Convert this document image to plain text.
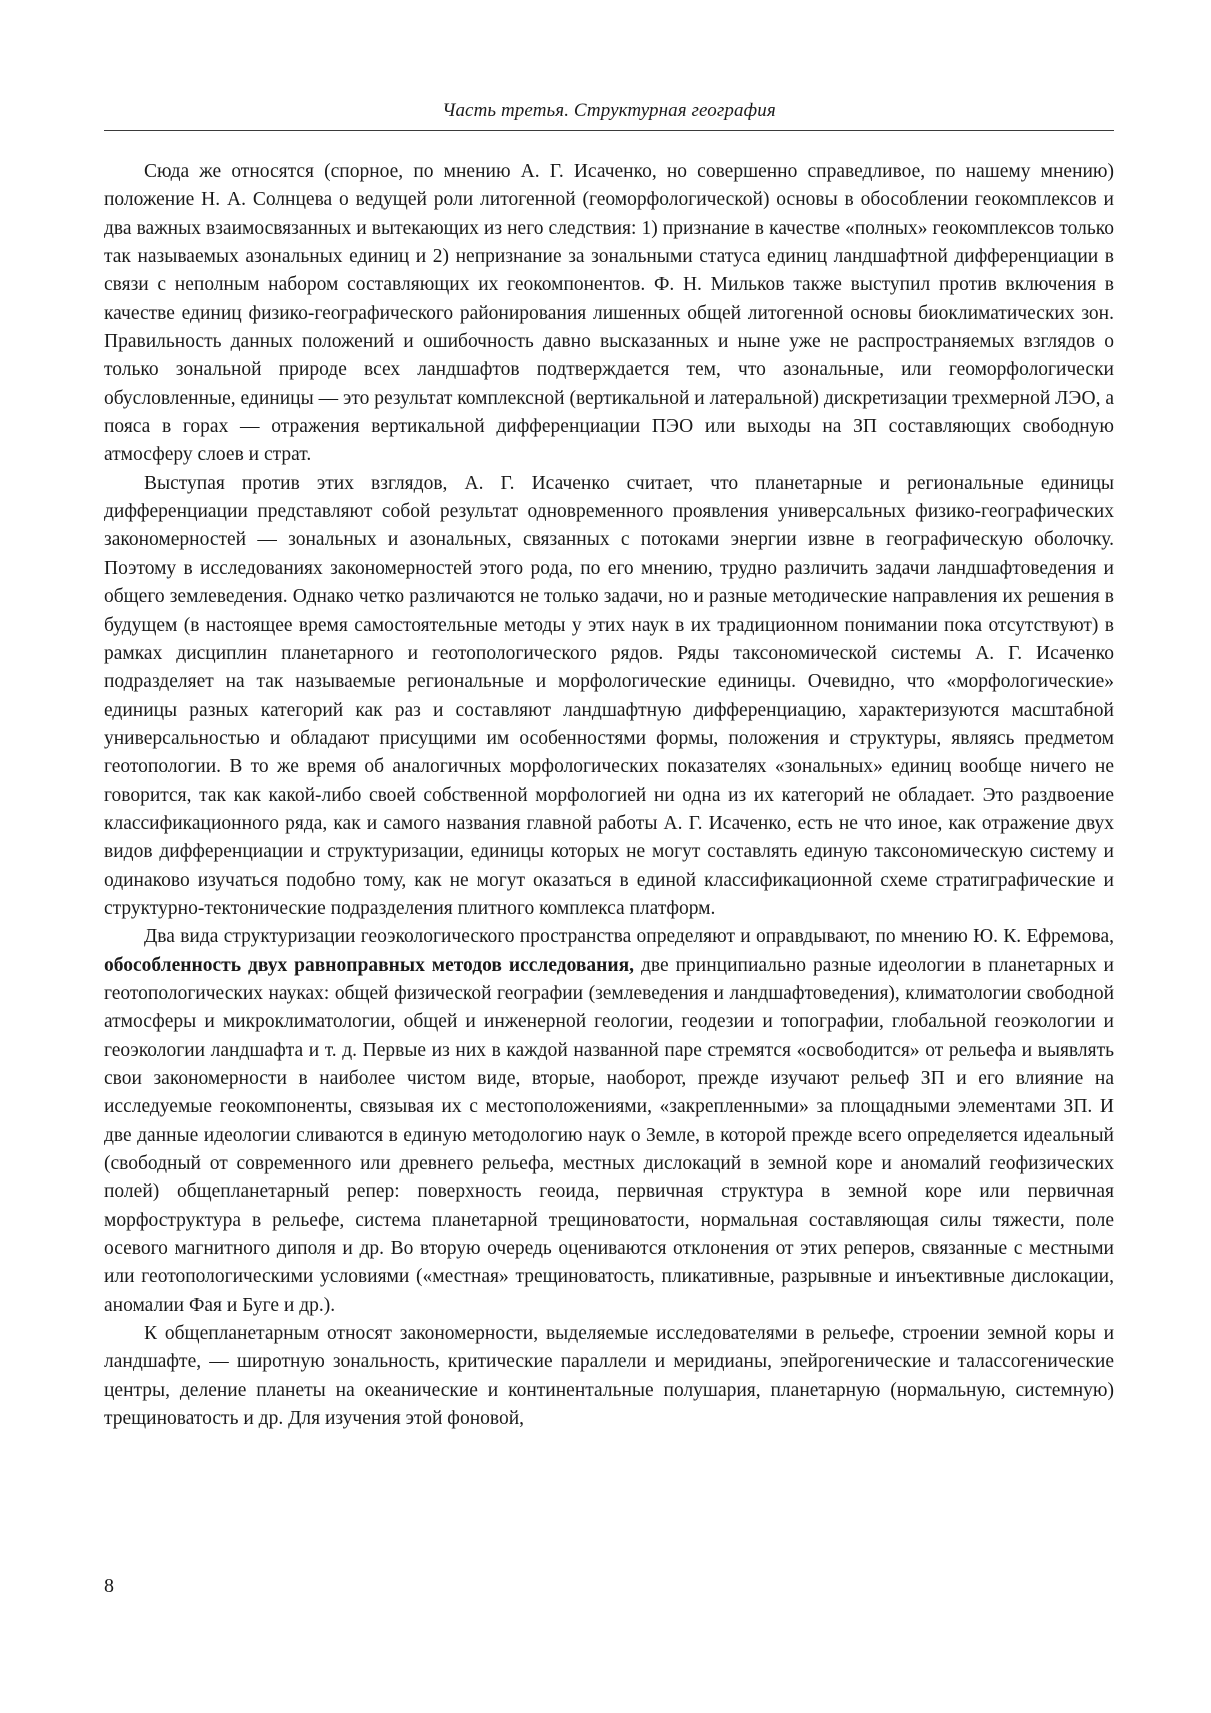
Часть третья. Структурная география

Сюда же относятся (спорное, по мнению А. Г. Исаченко, но совершенно справедливое, по нашему мнению) положение Н. А. Солнцева о ведущей роли литогенной (геоморфологической) основы в обособлении геокомплексов и два важных взаимосвязанных и вытекающих из него следствия: 1) признание в качестве «полных» геокомплексов только так называемых азональных единиц и 2) непризнание за зональными статуса единиц ландшафтной дифференциации в связи с неполным набором составляющих их геокомпонентов. Ф. Н. Мильков также выступил против включения в качестве единиц физико-географического районирования лишенных общей литогенной основы биоклиматических зон. Правильность данных положений и ошибочность давно высказанных и ныне уже не распространяемых взглядов о только зональной природе всех ландшафтов подтверждается тем, что азональные, или геоморфологически обусловленные, единицы — это результат комплексной (вертикальной и латеральной) дискретизации трехмерной ЛЭО, а пояса в горах — отражения вертикальной дифференциации ПЭО или выходы на ЗП составляющих свободную атмосферу слоев и страт.

Выступая против этих взглядов, А. Г. Исаченко считает, что планетарные и региональные единицы дифференциации представляют собой результат одновременного проявления универсальных физико-географических закономерностей — зональных и азональных, связанных с потоками энергии извне в географическую оболочку. Поэтому в исследованиях закономерностей этого рода, по его мнению, трудно различить задачи ландшафтоведения и общего землеведения. Однако четко различаются не только задачи, но и разные методические направления их решения в будущем (в настоящее время самостоятельные методы у этих наук в их традиционном понимании пока отсутствуют) в рамках дисциплин планетарного и геотопологического рядов. Ряды таксономической системы А. Г. Исаченко подразделяет на так называемые региональные и морфологические единицы. Очевидно, что «морфологические» единицы разных категорий как раз и составляют ландшафтную дифференциацию, характеризуются масштабной универсальностью и обладают присущими им особенностями формы, положения и структуры, являясь предметом геотопологии. В то же время об аналогичных морфологических показателях «зональных» единиц вообще ничего не говорится, так как какой-либо своей собственной морфологией ни одна из их категорий не обладает. Это раздвоение классификационного ряда, как и самого названия главной работы А. Г. Исаченко, есть не что иное, как отражение двух видов дифференциации и структуризации, единицы которых не могут составлять единую таксономическую систему и одинаково изучаться подобно тому, как не могут оказаться в единой классификационной схеме стратиграфические и структурно-тектонические подразделения плитного комплекса платформ.

Два вида структуризации геоэкологического пространства определяют и оправдывают, по мнению Ю. К. Ефремова, обособленность двух равноправных методов исследования, две принципиально разные идеологии в планетарных и геотопологических науках: общей физической географии (землеведения и ландшафтоведения), климатологии свободной атмосферы и микроклиматологии, общей и инженерной геологии, геодезии и топографии, глобальной геоэкологии и геоэкологии ландшафта и т. д. Первые из них в каждой названной паре стремятся «освободится» от рельефа и выявлять свои закономерности в наиболее чистом виде, вторые, наоборот, прежде изучают рельеф ЗП и его влияние на исследуемые геокомпоненты, связывая их с местоположениями, «закрепленными» за площадными элементами ЗП. И две данные идеологии сливаются в единую методологию наук о Земле, в которой прежде всего определяется идеальный (свободный от современного или древнего рельефа, местных дислокаций в земной коре и аномалий геофизических полей) общепланетарный репер: поверхность геоида, первичная структура в земной коре или первичная морфоструктура в рельефе, система планетарной трещиноватости, нормальная составляющая силы тяжести, поле осевого магнитного диполя и др. Во вторую очередь оцениваются отклонения от этих реперов, связанные с местными или геотопологическими условиями («местная» трещиноватость, пликативные, разрывные и инъективные дислокации, аномалии Фая и Буге и др.).

К общепланетарным относят закономерности, выделяемые исследователями в рельефе, строении земной коры и ландшафте, — широтную зональность, критические параллели и меридианы, эпейрогенические и талассогенические центры, деление планеты на океанические и континентальные полушария, планетарную (нормальную, системную) трещиноватость и др. Для изучения этой фоновой,

8
